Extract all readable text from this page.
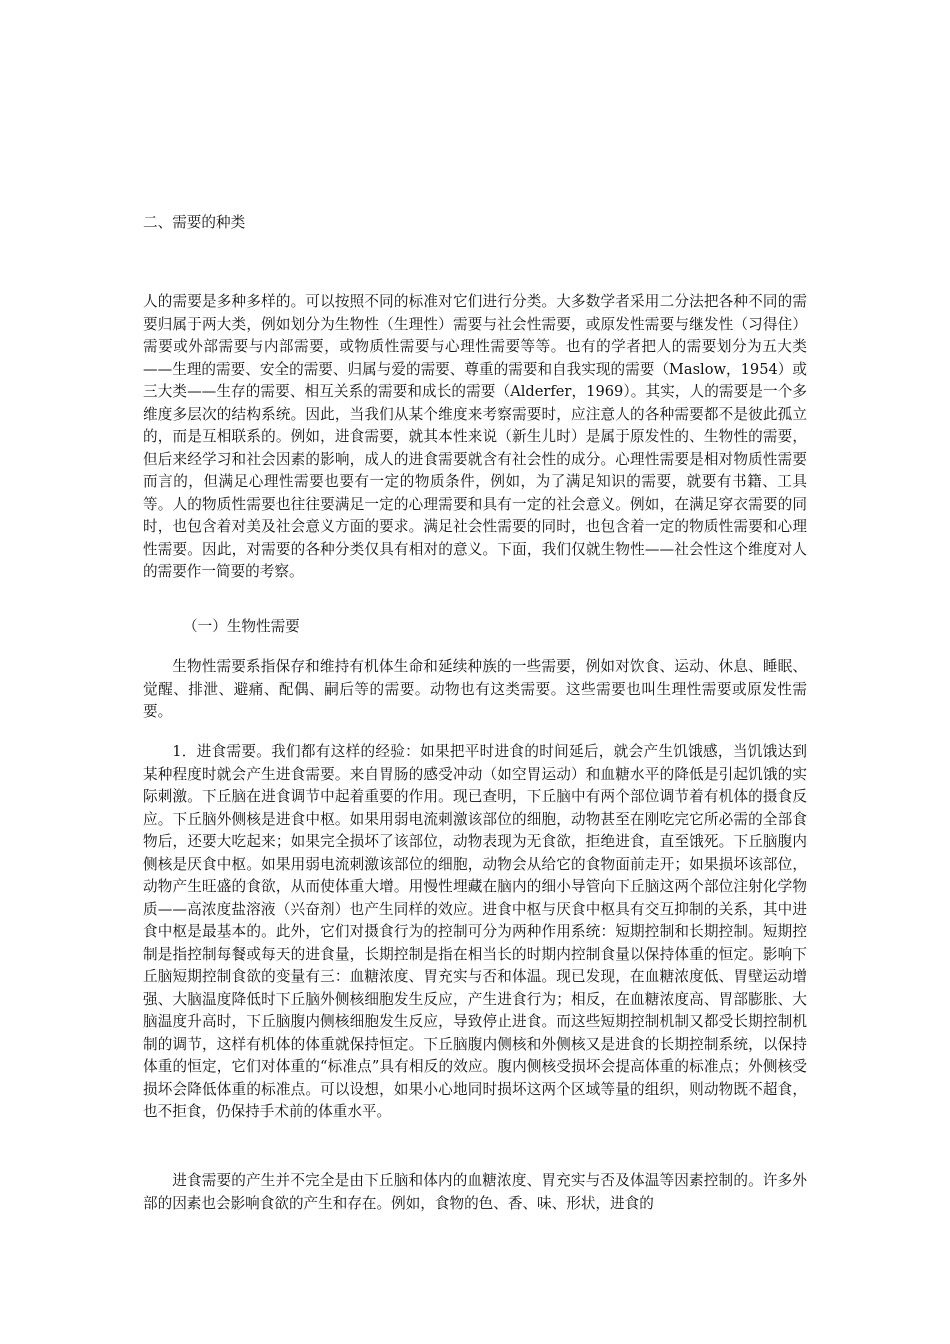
二、需要的种类

人的需要是多种多样的。可以按照不同的标准对它们进行分类。大多数学者采用二分法把各种不同的需要归属于两大类，例如划分为生物性（生理性）需要与社会性需要，或原发性需要与继发性（习得住）需要或外部需要与内部需要，或物质性需要与心理性需要等等。也有的学者把人的需要划分为五大类——生理的需要、安全的需要、归属与爱的需要、尊重的需要和自我实现的需要（Maslow，1954）或三大类——生存的需要、相互关系的需要和成长的需要（Alderfer，1969）。其实，人的需要是一个多维度多层次的结构系统。因此，当我们从某个维度来考察需要时，应注意人的各种需要都不是彼此孤立的，而是互相联系的。例如，进食需要，就其本性来说（新生儿时）是属于原发性的、生物性的需要，但后来经学习和社会因素的影响，成人的进食需要就含有社会性的成分。心理性需要是相对物质性需要而言的，但满足心理性需要也要有一定的物质条件，例如，为了满足知识的需要，就要有书籍、工具等。人的物质性需要也往往要满足一定的心理需要和具有一定的社会意义。例如，在满足穿衣需要的同时，也包含着对美及社会意义方面的要求。满足社会性需要的同时，也包含着一定的物质性需要和心理性需要。因此，对需要的各种分类仅具有相对的意义。下面，我们仅就生物性——社会性这个维度对人的需要作一简要的考察。

（一）生物性需要

生物性需要系指保存和维持有机体生命和延续种族的一些需要，例如对饮食、运动、休息、睡眠、觉醒、排泄、避痛、配偶、嗣后等的需要。动物也有这类需要。这些需要也叫生理性需要或原发性需要。

1．进食需要。我们都有这样的经验：如果把平时进食的时间延后，就会产生饥饿感，当饥饿达到某种程度时就会产生进食需要。来自胃肠的感受冲动（如空胃运动）和血糖水平的降低是引起饥饿的实际刺激。下丘脑在进食调节中起着重要的作用。现已查明，下丘脑中有两个部位调节着有机体的摄食反应。下丘脑外侧核是进食中枢。如果用弱电流刺激该部位的细胞，动物甚至在刚吃完它所必需的全部食物后，还要大吃起来；如果完全损坏了该部位，动物表现为无食欲，拒绝进食，直至饿死。下丘脑腹内侧核是厌食中枢。如果用弱电流刺激该部位的细胞，动物会从给它的食物面前走开；如果损坏该部位，动物产生旺盛的食欲，从而使体重大增。用慢性埋藏在脑内的细小导管向下丘脑这两个部位注射化学物质——高浓度盐溶液（兴奋剂）也产生同样的效应。进食中枢与厌食中枢具有交互抑制的关系，其中进食中枢是最基本的。此外，它们对摄食行为的控制可分为两种作用系统：短期控制和长期控制。短期控制是指控制每餐或每天的进食量，长期控制是指在相当长的时期内控制食量以保持体重的恒定。影响下丘脑短期控制食欲的变量有三：血糖浓度、胃充实与否和体温。现已发现，在血糖浓度低、胃壁运动增强、大脑温度降低时下丘脑外侧核细胞发生反应，产生进食行为；相反，在血糖浓度高、胃部膨胀、大脑温度升高时，下丘脑腹内侧核细胞发生反应，导致停止进食。而这些短期控制机制又都受长期控制机制的调节，这样有机体的体重就保持恒定。下丘脑腹内侧核和外侧核又是进食的长期控制系统，以保持体重的恒定，它们对体重的“标准点”具有相反的效应。腹内侧核受损坏会提高体重的标准点；外侧核受损坏会降低体重的标准点。可以设想，如果小心地同时损坏这两个区域等量的组织，则动物既不超食，也不拒食，仍保持手术前的体重水平。

进食需要的产生并不完全是由下丘脑和体内的血糖浓度、胃充实与否及体温等因素控制的。许多外部的因素也会影响食欲的产生和存在。例如，食物的色、香、味、形状，进食的
